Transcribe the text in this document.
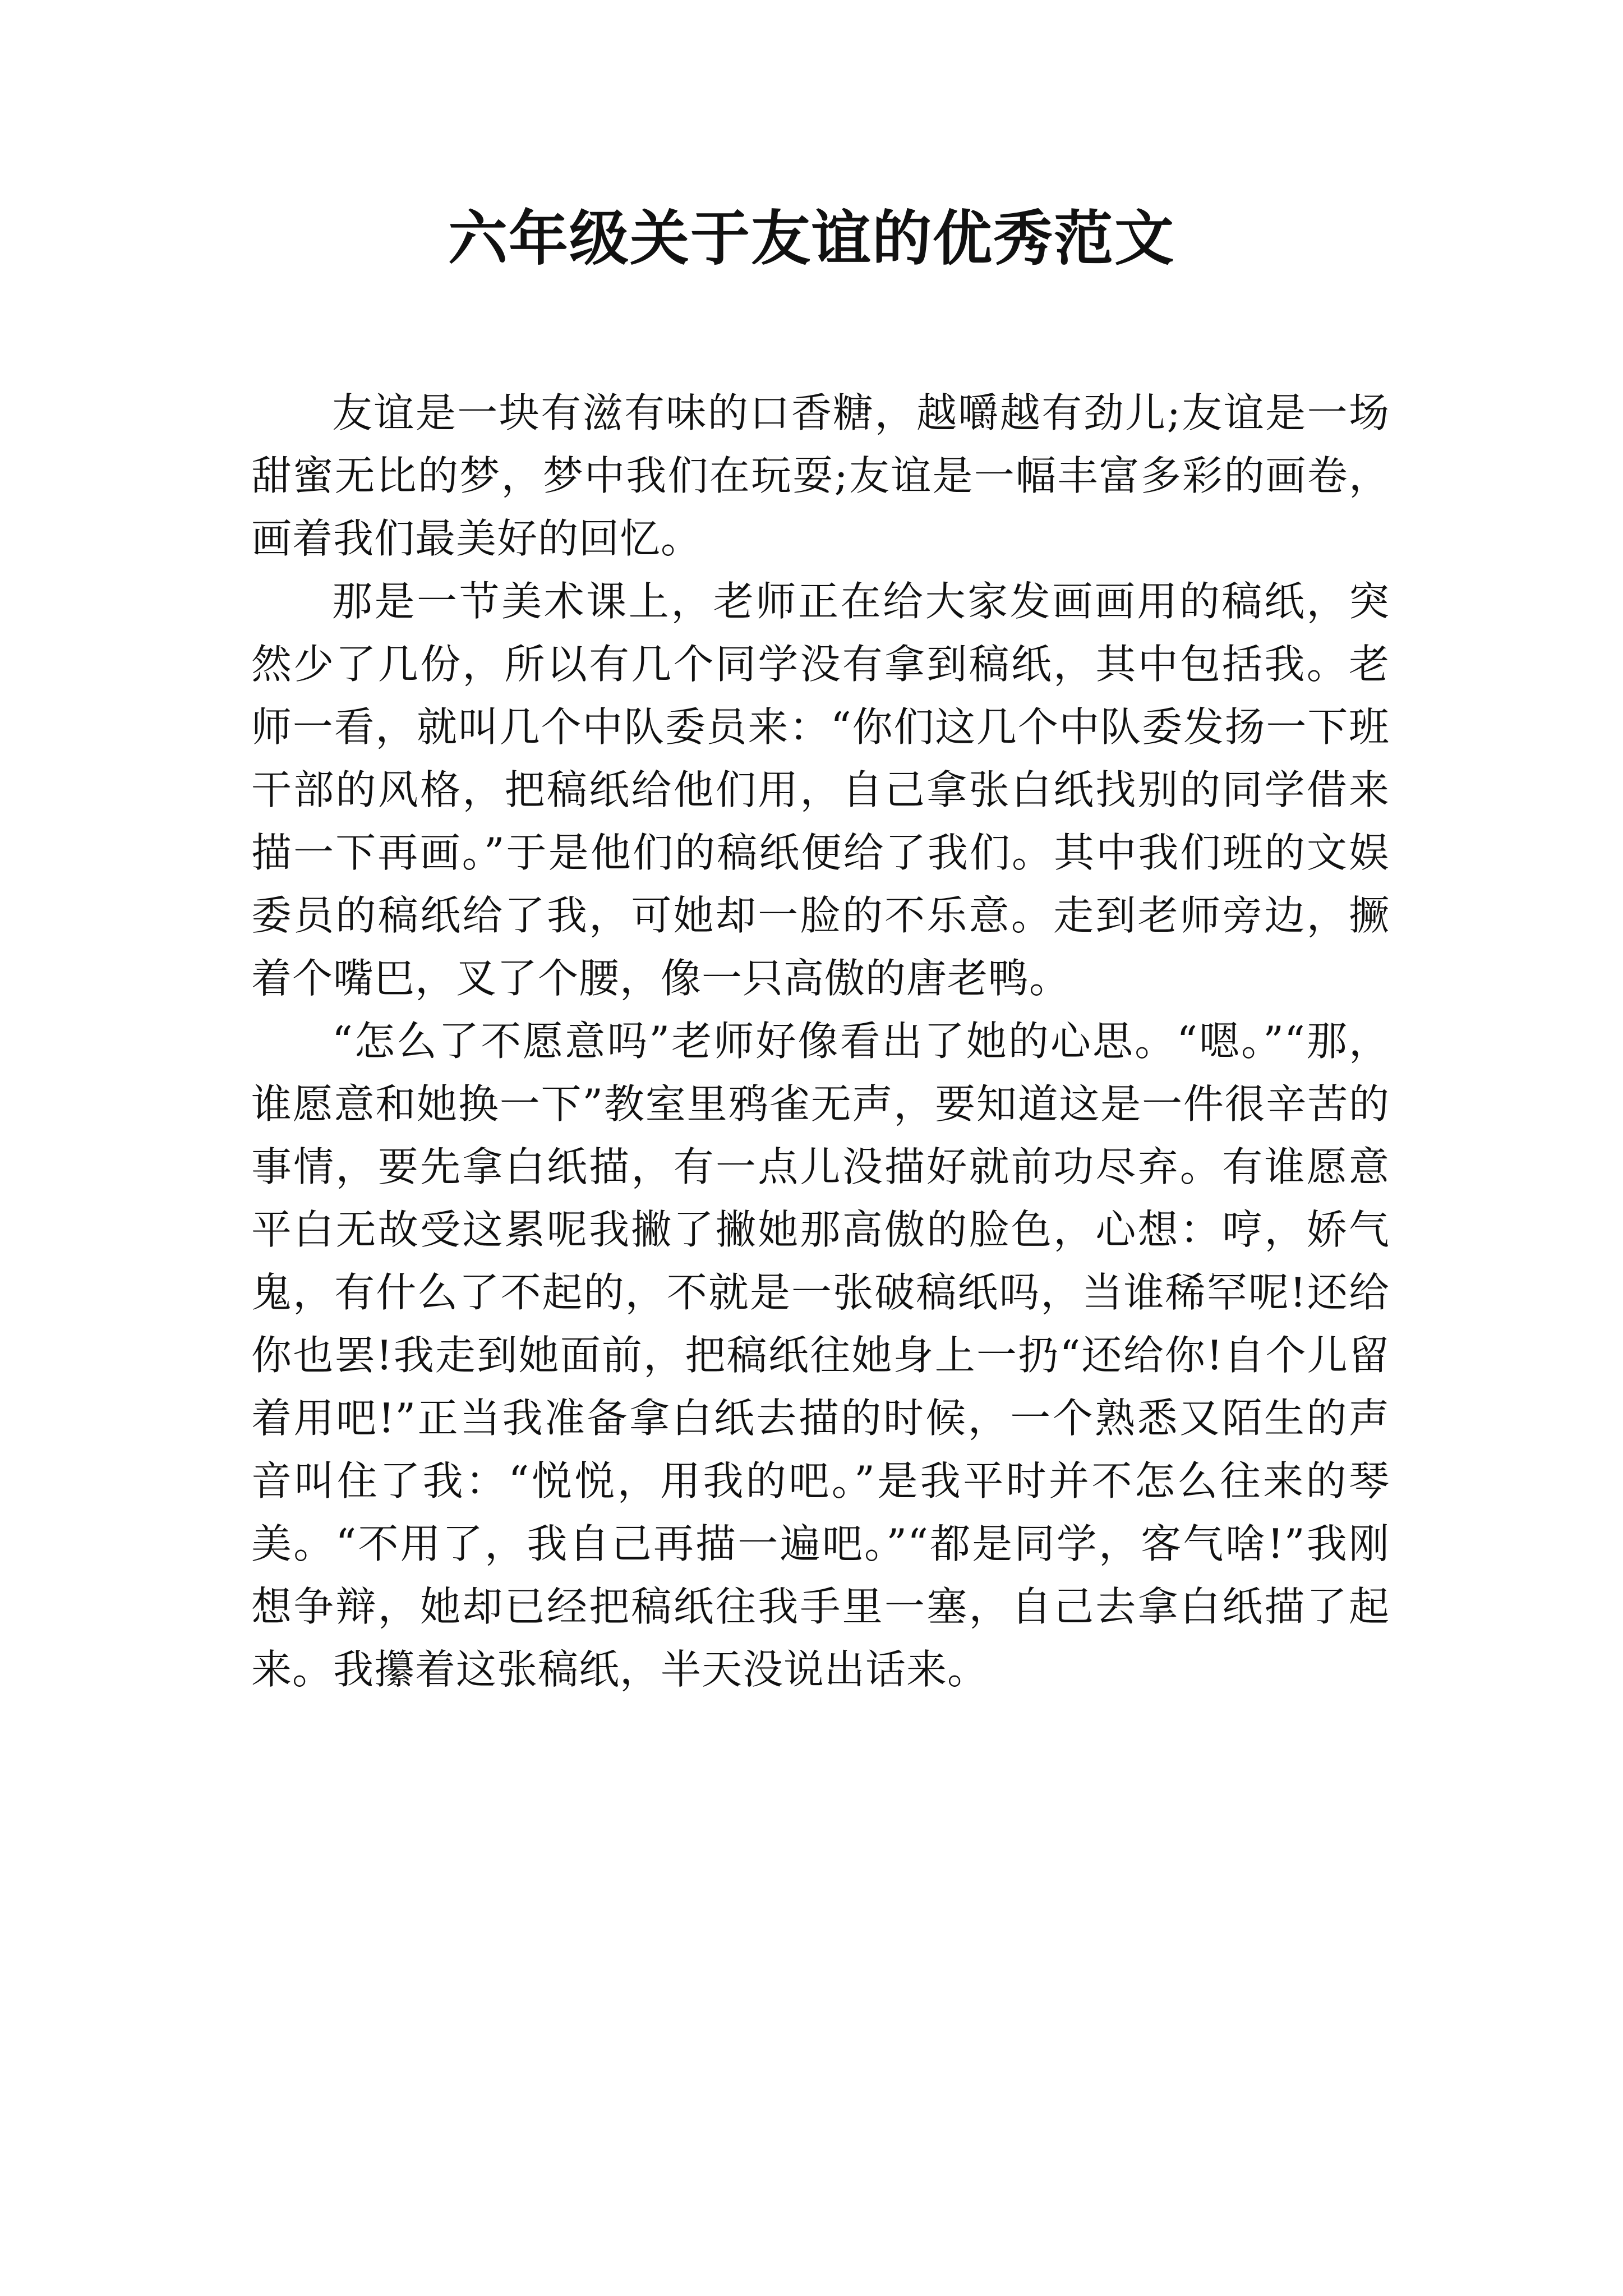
六年级关于友谊的优秀范文

友谊是一块有滋有味的口香糖，越嚼越有劲儿;友谊是一场甜蜜无比的梦，梦中我们在玩耍;友谊是一幅丰富多彩的画卷，画着我们最美好的回忆。

那是一节美术课上，老师正在给大家发画画用的稿纸，突然少了几份，所以有几个同学没有拿到稿纸，其中包括我。老师一看，就叫几个中队委员来：“你们这几个中队委发扬一下班干部的风格，把稿纸给他们用，自己拿张白纸找别的同学借来描一下再画。”于是他们的稿纸便给了我们。其中我们班的文娱委员的稿纸给了我，可她却一脸的不乐意。走到老师旁边，撅着个嘴巴，叉了个腰，像一只高傲的唐老鸭。

“怎么了不愿意吗”老师好像看出了她的心思。“嗯。”“那，谁愿意和她换一下”教室里鸦雀无声，要知道这是一件很辛苦的事情，要先拿白纸描，有一点儿没描好就前功尽弃。有谁愿意平白无故受这累呢我撇了撇她那高傲的脸色，心想：哼，娇气鬼，有什么了不起的，不就是一张破稿纸吗，当谁稀罕呢!还给你也罢!我走到她面前，把稿纸往她身上一扔“还给你!自个儿留着用吧!”正当我准备拿白纸去描的时候，一个熟悉又陌生的声音叫住了我：“悦悦，用我的吧。”是我平时并不怎么往来的琴美。“不用了，我自己再描一遍吧。”“都是同学，客气啥!”我刚想争辩，她却已经把稿纸往我手里一塞，自己去拿白纸描了起来。我攥着这张稿纸，半天没说出话来。
